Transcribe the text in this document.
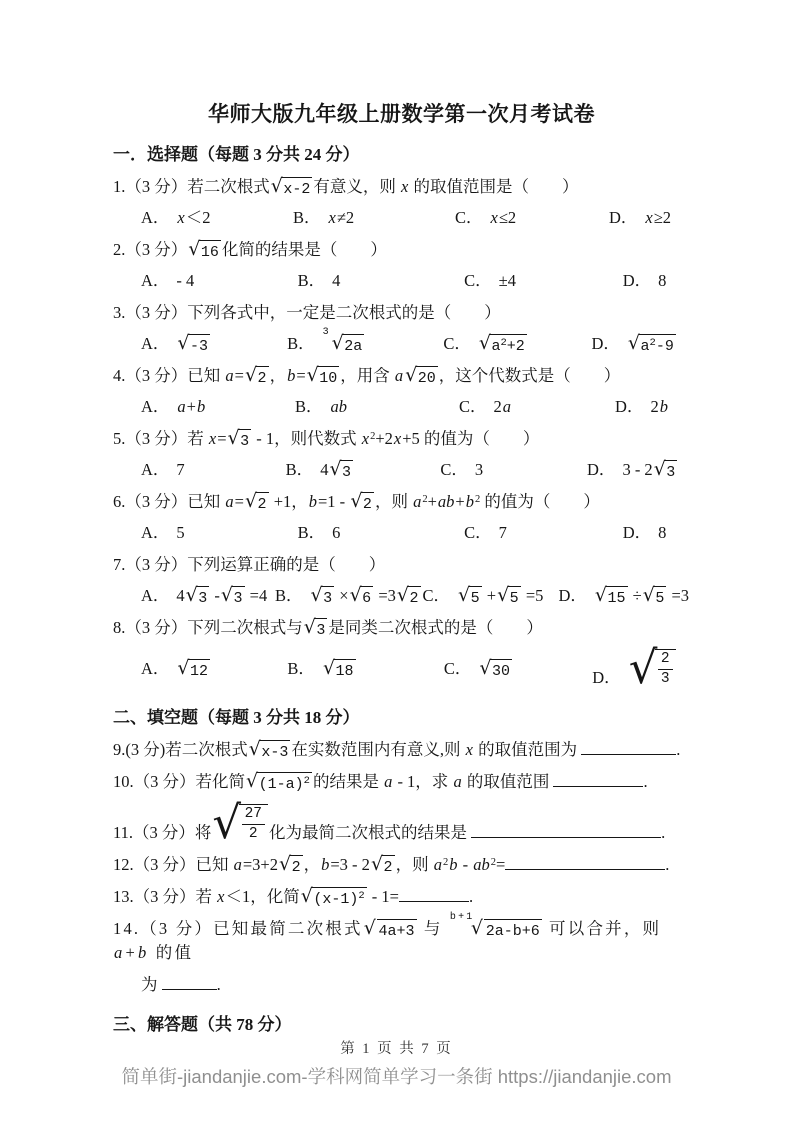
华师大版九年级上册数学第一次月考试卷
一．选择题（每题 3 分共 24 分）
1.（3 分）若二次根式 √ x-2 有意义，则 x 的取值范围是（　　）
A． x＜2	B． x≠2	C． x≤2	D． x≥2
2.（3 分） √ 16 化简的结果是（　　）
A． - 4	B． 4	C． ±4	D． 8
3.（3 分）下列各式中，一定是二次根式的是（　　）
A． √ -3	B．
3 √ 2a	C． √ $a^2+2$	D． √ $a^2-9$
4.（3 分）已知 a= √ 2 ，b= √ 10 ，用含 a √ 20 ，这个代数式是（　　）
A． a+b	B． ab	C． 2a	D． 2b
5.（3 分）若 x= √ 3 - 1，则代数式 $x^2+2x+5$ 的值为（　　）
A． 7	B． 4 √ 3	C． 3	D． 3 - 2 √ 3
6.（3 分）已知 a= √ 2 +1，b=1 - √ 2 ，则 $a^2+ab+b^2$ 的值为（　　）
A． 5	B． 6	C． 7	D． 8
7.（3 分）下列运算正确的是（　　）
A． 4 √ 3 - √ 3 =4 B． √ 3 × √ 6 =3 √ 2 C． √ 5 + √ 5 =5 D． √ 15 ÷ √ 5 =3
8.（3 分）下列二次根式与 √ 3 是同类二次根式的是（　　）
A． √ 12	B． √ 18	C． √ 30	D． √ $\frac{2}{3}$
二、填空题（每题 3 分共 18 分）
9.(3 分)若二次根式 √ x-3 在实数范围内有意义,则 x 的取值范围为	.
10.（3 分）若化简 √ $(1-a)^2$ 的结果是 a - 1，求 a 的取值范围	.
11.（3 分）将 √ $\frac{27}{2}$ 化为最简二次根式的结果是	.
12.（3 分）已知 a=3+2 √ 2 ，b=3 - 2 √ 2 ，则 $a^2b - ab^2=$	.
13.（3 分）若 x＜1，化简 √ $(x-1)^2 - 1=$	.
14.（3 分）已知最简二次根式 √ 4a+3 与
b+1
√ 2a-b+6 可以合并，则 a+b 的值
为	.
三、解答题（共 78 分）
第 1 页 共 7 页
简单街-jiandanjie.com-学科网简单学习一条街 https://jiandanjie.com
